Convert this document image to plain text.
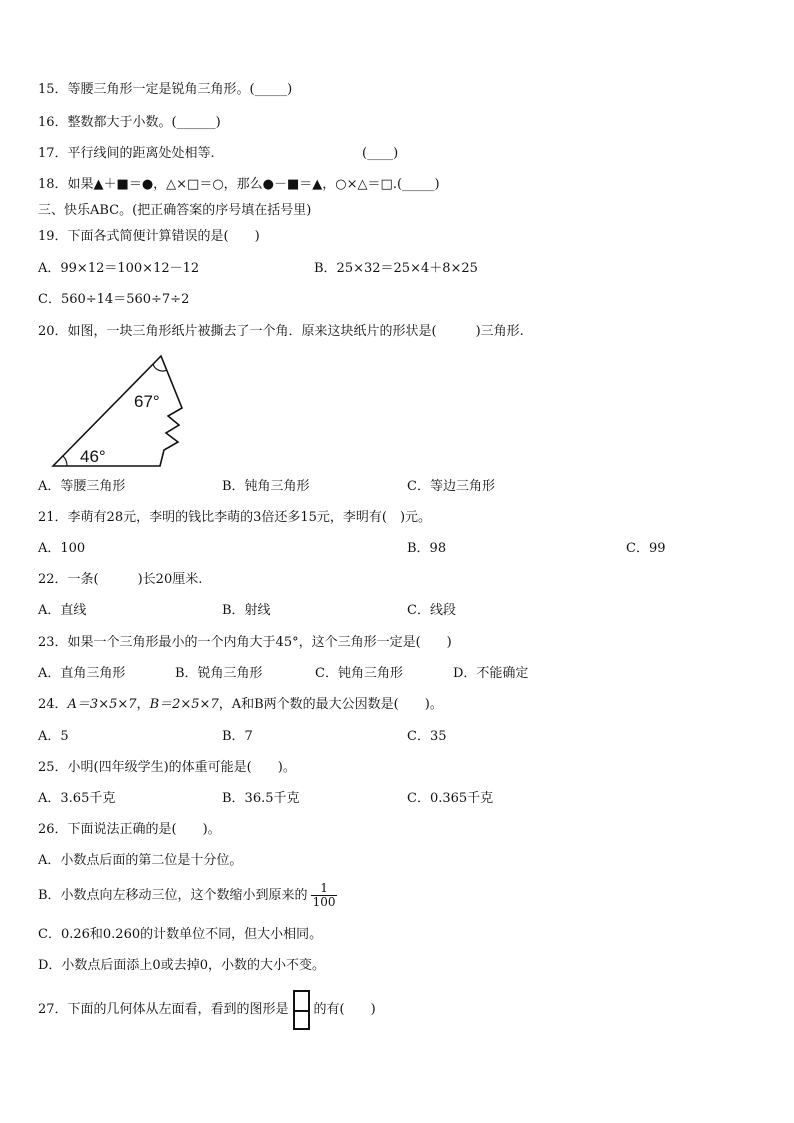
15．等腰三角形一定是锐角三角形。(_____)
16．整数都大于小数。(______)
17．平行线间的距离处处相等.	(____)
18．如果▲＋■＝●，△×□＝○，那么●－■＝▲，○×△＝□.(_____)
三、快乐ABC。(把正确答案的序号填在括号里)
19．下面各式简便计算错误的是(　　)
A．99×12＝100×12－12	B．25×32＝25×4＋8×25
C．560÷14＝560÷7÷2
20．如图，一块三角形纸片被撕去了一个角．原来这块纸片的形状是(　　　)三角形.
67°
46°
A．等腰三角形	B．钝角三角形	C．等边三角形
21．李萌有28元，李明的钱比李萌的3倍还多15元，李明有(　)元。
A．100	B．98	C．99
22．一条(　　　)长20厘米.
A．直线	B．射线	C．线段
23．如果一个三角形最小的一个内角大于45°，这个三角形一定是(　　)
A．直角三角形	B．锐角三角形	C．钝角三角形	D．不能确定
24．A＝3×5×7，B＝2×5×7，A和B两个数的最大公因数是(　　)。
A．5	B．7	C．35
25．小明(四年级学生)的体重可能是(　　)。
A．3.65千克	B．36.5千克	C．0.365千克
26．下面说法正确的是(　　)。
A．小数点后面的第二位是十分位。
B．小数点向左移动三位，这个数缩小到原来的 $\frac{1}{100}$
C．0.26和0.260的计数单位不同，但大小相同。
D．小数点后面添上0或去掉0，小数的大小不变。
27．下面的几何体从左面看，看到的图形是 的有(　　)
